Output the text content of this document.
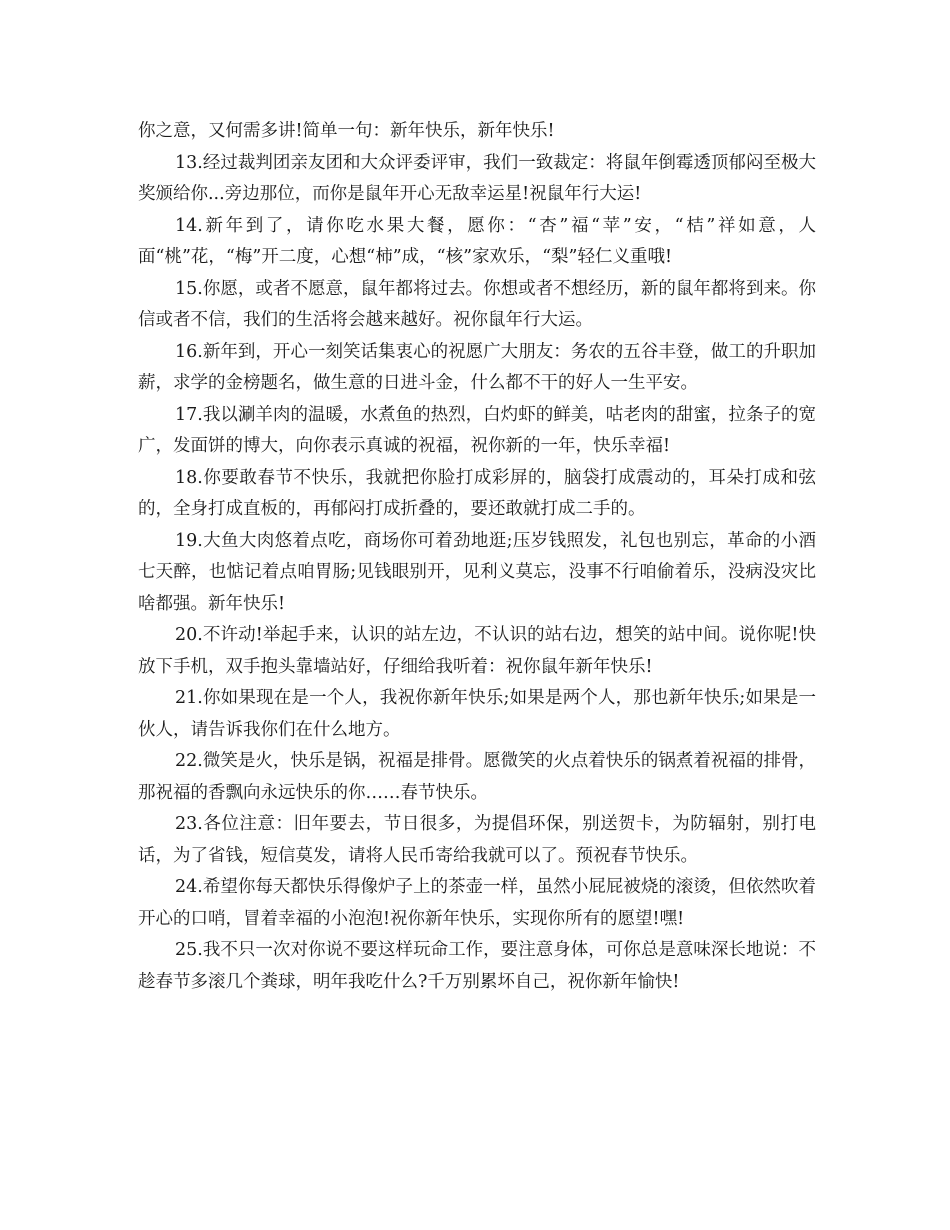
你之意，又何需多讲!简单一句：新年快乐，新年快乐!

13.经过裁判团亲友团和大众评委评审，我们一致裁定：将鼠年倒霉透顶郁闷至极大奖颁给你...旁边那位，而你是鼠年开心无敌幸运星!祝鼠年行大运!

14.新年到了，请你吃水果大餐，愿你：“杏”福“苹”安，“桔”祥如意，人面“桃”花，“梅”开二度，心想“柿”成，“核”家欢乐，“梨”轻仁义重哦!

15.你愿，或者不愿意，鼠年都将过去。你想或者不想经历，新的鼠年都将到来。你信或者不信，我们的生活将会越来越好。祝你鼠年行大运。

16.新年到，开心一刻笑话集衷心的祝愿广大朋友：务农的五谷丰登，做工的升职加薪，求学的金榜题名，做生意的日进斗金，什么都不干的好人一生平安。

17.我以涮羊肉的温暖，水煮鱼的热烈，白灼虾的鲜美，咕老肉的甜蜜，拉条子的宽广，发面饼的博大，向你表示真诚的祝福，祝你新的一年，快乐幸福!

18.你要敢春节不快乐，我就把你脸打成彩屏的，脑袋打成震动的，耳朵打成和弦的，全身打成直板的，再郁闷打成折叠的，要还敢就打成二手的。

19.大鱼大肉悠着点吃，商场你可着劲地逛;压岁钱照发，礼包也别忘，革命的小酒七天醉，也惦记着点咱胃肠;见钱眼别开，见利义莫忘，没事不行咱偷着乐，没病没灾比啥都强。新年快乐!

20.不许动!举起手来，认识的站左边，不认识的站右边，想笑的站中间。说你呢!快放下手机，双手抱头靠墙站好，仔细给我听着：祝你鼠年新年快乐!

21.你如果现在是一个人，我祝你新年快乐;如果是两个人，那也新年快乐;如果是一伙人，请告诉我你们在什么地方。

22.微笑是火，快乐是锅，祝福是排骨。愿微笑的火点着快乐的锅煮着祝福的排骨，那祝福的香飘向永远快乐的你……春节快乐。

23.各位注意：旧年要去，节日很多，为提倡环保，别送贺卡，为防辐射，别打电话，为了省钱，短信莫发，请将人民币寄给我就可以了。预祝春节快乐。

24.希望你每天都快乐得像炉子上的茶壶一样，虽然小屁屁被烧的滚烫，但依然吹着开心的口哨，冒着幸福的小泡泡!祝你新年快乐，实现你所有的愿望!嘿!

25.我不只一次对你说不要这样玩命工作，要注意身体，可你总是意味深长地说：不趁春节多滚几个粪球，明年我吃什么?千万别累坏自己，祝你新年愉快!
